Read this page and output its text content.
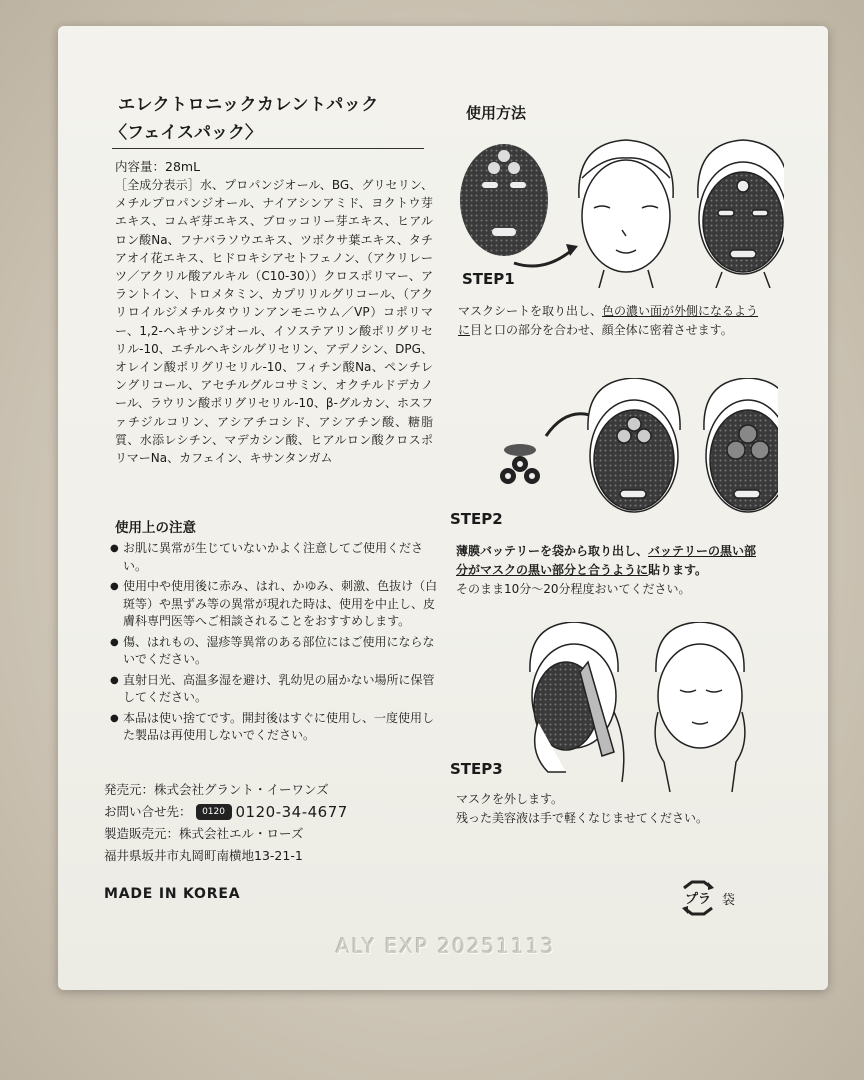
エレクトロニックカレントパック
〈フェイスパック〉
内容量：28mL
［全成分表示］水、プロパンジオール、BG、グリセリン、メチルプロパンジオール、ナイアシンアミド、ヨクトウ芽エキス、コムギ芽エキス、ブロッコリー芽エキス、ヒアルロン酸Na、フナバラソウエキス、ツボクサ葉エキス、タチアオイ花エキス、ヒドロキシアセトフェノン、（アクリレーツ／アクリル酸アルキル（C10-30））クロスポリマー、アラントイン、トロメタミン、カプリリルグリコール、（アクリロイルジメチルタウリンアンモニウム／VP）コポリマー、1,2-ヘキサンジオール、イソステアリン酸ポリグリセリル-10、エチルヘキシルグリセリン、アデノシン、DPG、オレイン酸ポリグリセリル-10、フィチン酸Na、ペンチレングリコール、アセチルグルコサミン、オクチルドデカノール、ラウリン酸ポリグリセリル-10、β-グルカン、ホスファチジルコリン、アシアチコシド、アシアチン酸、糖脂質、水添レシチン、マデカシン酸、ヒアルロン酸クロスポリマーNa、カフェイン、キサンタンガム
使用上の注意
● お肌に異常が生じていないかよく注意してご使用ください。
● 使用中や使用後に赤み、はれ、かゆみ、刺激、色抜け（白斑等）や黒ずみ等の異常が現れた時は、使用を中止し、皮膚科専門医等へご相談されることをおすすめします。
● 傷、はれもの、湿疹等異常のある部位にはご使用にならないでください。
● 直射日光、高温多湿を避け、乳幼児の届かない場所に保管してください。
● 本品は使い捨てです。開封後はすぐに使用し、一度使用した製品は再使用しないでください。
発売元：株式会社グラント・イーワンズ
お問い合せ先：	0120 0120-34-4677
製造販売元：株式会社エル・ローズ
福井県坂井市丸岡町南横地13-21-1
MADE IN KOREA
ALY EXP 20251113
使用方法
STEP1
マスクシートを取り出し、色の濃い面が外側になるように目と口の部分を合わせ、顔全体に密着させます。
STEP2
薄膜バッテリーを袋から取り出し、バッテリーの黒い部分がマスクの黒い部分と合うように貼ります。
そのまま10分～20分程度おいてください。
STEP3
マスクを外します。
残った美容液は手で軽くなじませてください。
プラ 袋
